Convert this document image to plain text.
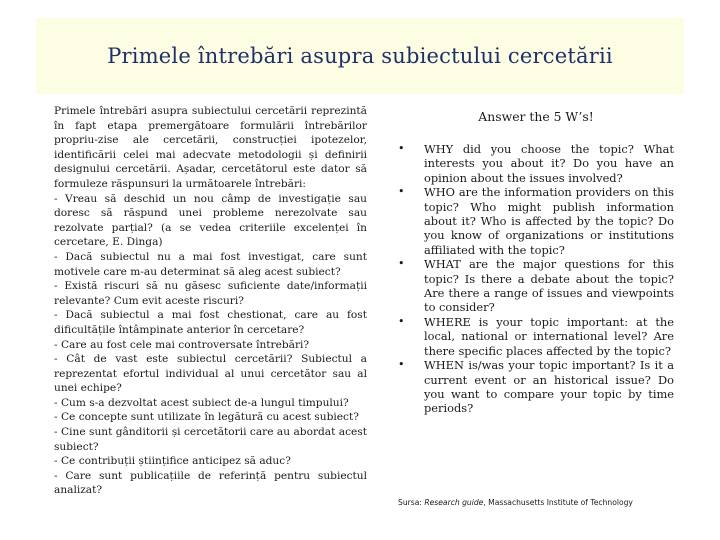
Primele întrebări asupra subiectului cercetării

Primele întrebări asupra subiectului cercetării reprezintă în fapt etapa premergătoare formulării întrebărilor propriu-zise ale cercetării, construcției ipotezelor, identificării celei mai adecvate metodologii și definirii designului cercetării. Așadar, cercetătorul este dator să formuleze răspunsuri la următoarele întrebări:

- Vreau să deschid un nou câmp de investigație sau doresc să răspund unei probleme nerezolvate sau rezolvate parțial? (a se vedea criteriile excelenței în cercetare, E. Dinga)

- Dacă subiectul nu a mai fost investigat, care sunt motivele care m-au determinat să aleg acest subiect?

- Există riscuri să nu găsesc suficiente date/informații relevante? Cum evit aceste riscuri?

- Dacă subiectul a mai fost chestionat, care au fost dificultățile întâmpinate anterior în cercetare?

- Care au fost cele mai controversate întrebări?

- Cât de vast este subiectul cercetării? Subiectul a reprezentat efortul individual al unui cercetător sau al unei echipe?

- Cum s-a dezvoltat acest subiect de-a lungul timpului?

- Ce concepte sunt utilizate în legătură cu acest subiect?

- Cine sunt gânditorii și cercetătorii care au abordat acest subiect?

- Ce contribuții științifice anticipez să aduc?

- Care sunt publicațiile de referință pentru subiectul analizat?

Answer the 5 W’s!

• WHY did you choose the topic? What interests you about it? Do you have an opinion about the issues involved?
• WHO are the information providers on this topic? Who might publish information about it? Who is affected by the topic? Do you know of organizations or institutions affiliated with the topic?
• WHAT are the major questions for this topic? Is there a debate about the topic? Are there a range of issues and viewpoints to consider?
• WHERE is your topic important: at the local, national or international level? Are there specific places affected by the topic?
• WHEN is/was your topic important? Is it a current event or an historical issue? Do you want to compare your topic by time periods?
Sursa: Research guide, Massachusetts Institute of Technology
